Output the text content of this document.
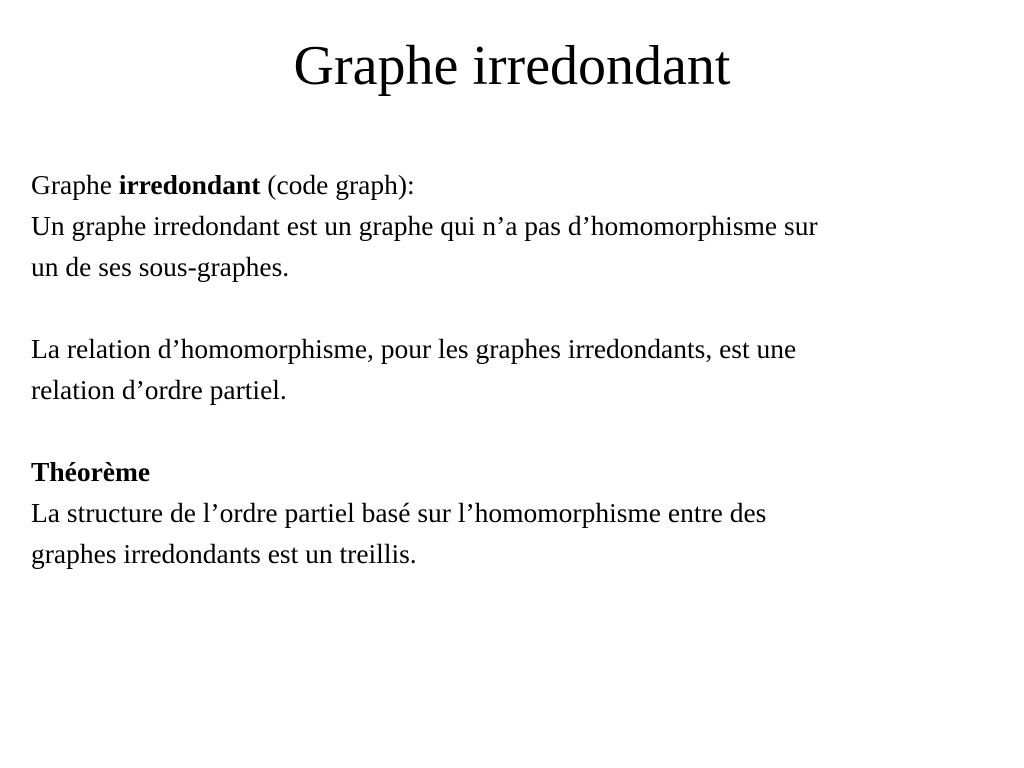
Graphe irredondant

Graphe irredondant (code graph):

Un graphe irredondant est un graphe qui n’a pas d’homomorphisme sur

un de ses sous-graphes.

La relation d’homomorphisme, pour les graphes irredondants, est une

relation d’ordre partiel.

Théorème

La structure de l’ordre partiel basé sur l’homomorphisme entre des

graphes irredondants est un treillis.
